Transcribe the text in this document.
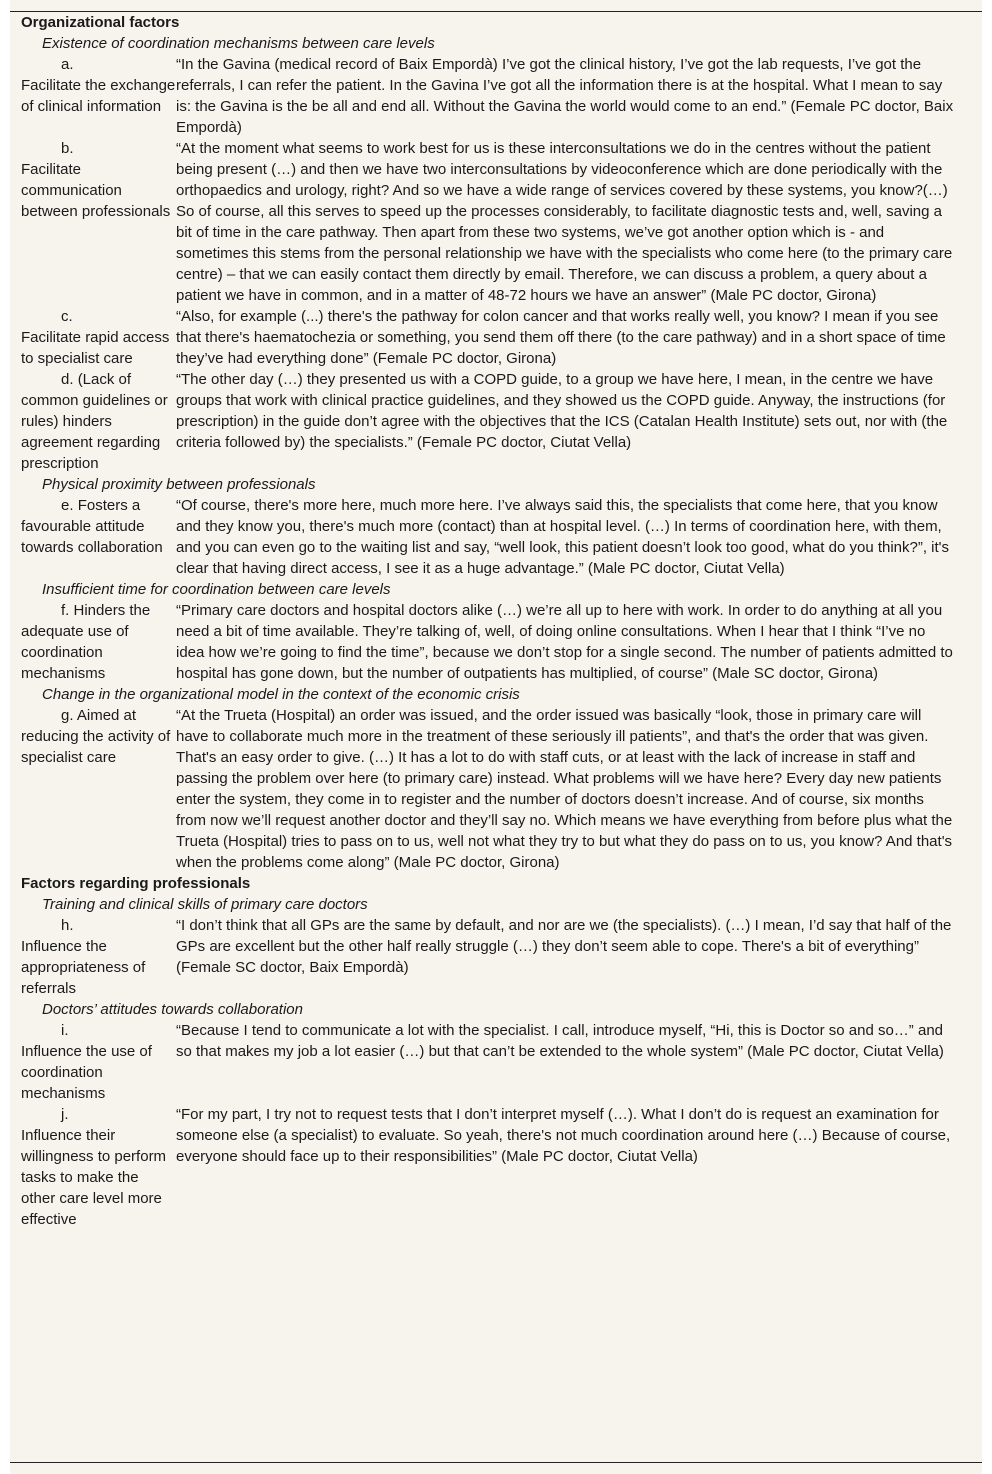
Organizational factors
Existence of coordination mechanisms between care levels
a.
Facilitate the exchange of clinical information
“In the Gavina (medical record of Baix Empordà) I’ve got the clinical history, I’ve got the lab requests, I’ve got the referrals, I can refer the patient. In the Gavina I’ve got all the information there is at the hospital. What I mean to say is: the Gavina is the be all and end all. Without the Gavina the world would come to an end.” (Female PC doctor, Baix Empordà)
b.
Facilitate communication between professionals
“At the moment what seems to work best for us is these interconsultations we do in the centres without the patient being present (…) and then we have two interconsultations by videoconference which are done periodically with the orthopaedics and urology, right? And so we have a wide range of services covered by these systems, you know?(…) So of course, all this serves to speed up the processes considerably, to facilitate diagnostic tests and, well, saving a bit of time in the care pathway. Then apart from these two systems, we’ve got another option which is - and sometimes this stems from the personal relationship we have with the specialists who come here (to the primary care centre) – that we can easily contact them directly by email. Therefore, we can discuss a problem, a query about a patient we have in common, and in a matter of 48-72 hours we have an answer” (Male PC doctor, Girona)
c.
Facilitate rapid access to specialist care
“Also, for example (...) there's the pathway for colon cancer and that works really well, you know? I mean if you see that there's haematochezia or something, you send them off there (to the care pathway) and in a short space of time they’ve had everything done” (Female PC doctor, Girona)
d. (Lack of common guidelines or rules) hinders agreement regarding prescription
“The other day (…) they presented us with a COPD guide, to a group we have here, I mean, in the centre we have groups that work with clinical practice guidelines, and they showed us the COPD guide. Anyway, the instructions (for prescription) in the guide don’t agree with the objectives that the ICS (Catalan Health Institute) sets out, nor with (the criteria followed by) the specialists.” (Female PC doctor, Ciutat Vella)
Physical proximity between professionals
e. Fosters a favourable attitude towards collaboration
“Of course, there's more here, much more here. I’ve always said this, the specialists that come here, that you know and they know you, there's much more (contact) than at hospital level. (…) In terms of coordination here, with them, and you can even go to the waiting list and say, “well look, this patient doesn’t look too good, what do you think?”, it's clear that having direct access, I see it as a huge advantage.” (Male PC doctor, Ciutat Vella)
Insufficient time for coordination between care levels
f. Hinders the adequate use of coordination mechanisms
“Primary care doctors and hospital doctors alike (…) we’re all up to here with work. In order to do anything at all you need a bit of time available. They’re talking of, well, of doing online consultations. When I hear that I think “I’ve no idea how we’re going to find the time”, because we don’t stop for a single second. The number of patients admitted to hospital has gone down, but the number of outpatients has multiplied, of course” (Male SC doctor, Girona)
Change in the organizational model in the context of the economic crisis
g. Aimed at reducing the activity of specialist care
“At the Trueta (Hospital) an order was issued, and the order issued was basically “look, those in primary care will have to collaborate much more in the treatment of these seriously ill patients”, and that's the order that was given. That's an easy order to give. (…) It has a lot to do with staff cuts, or at least with the lack of increase in staff and passing the problem over here (to primary care) instead. What problems will we have here? Every day new patients enter the system, they come in to register and the number of doctors doesn’t increase. And of course, six months from now we’ll request another doctor and they’ll say no. Which means we have everything from before plus what the Trueta (Hospital) tries to pass on to us, well not what they try to but what they do pass on to us, you know? And that's when the problems come along” (Male PC doctor, Girona)
Factors regarding professionals
Training and clinical skills of primary care doctors
h.
Influence the appropriateness of referrals
“I don’t think that all GPs are the same by default, and nor are we (the specialists). (…) I mean, I’d say that half of the GPs are excellent but the other half really struggle (…) they don’t seem able to cope. There's a bit of everything” (Female SC doctor, Baix Empordà)
Doctors’ attitudes towards collaboration
i.
Influence the use of coordination mechanisms
“Because I tend to communicate a lot with the specialist. I call, introduce myself, “Hi, this is Doctor so and so…” and so that makes my job a lot easier (…) but that can’t be extended to the whole system” (Male PC doctor, Ciutat Vella)
j.
Influence their willingness to perform tasks to make the other care level more effective
“For my part, I try not to request tests that I don’t interpret myself (…). What I don’t do is request an examination for someone else (a specialist) to evaluate. So yeah, there's not much coordination around here (…) Because of course, everyone should face up to their responsibilities” (Male PC doctor, Ciutat Vella)
